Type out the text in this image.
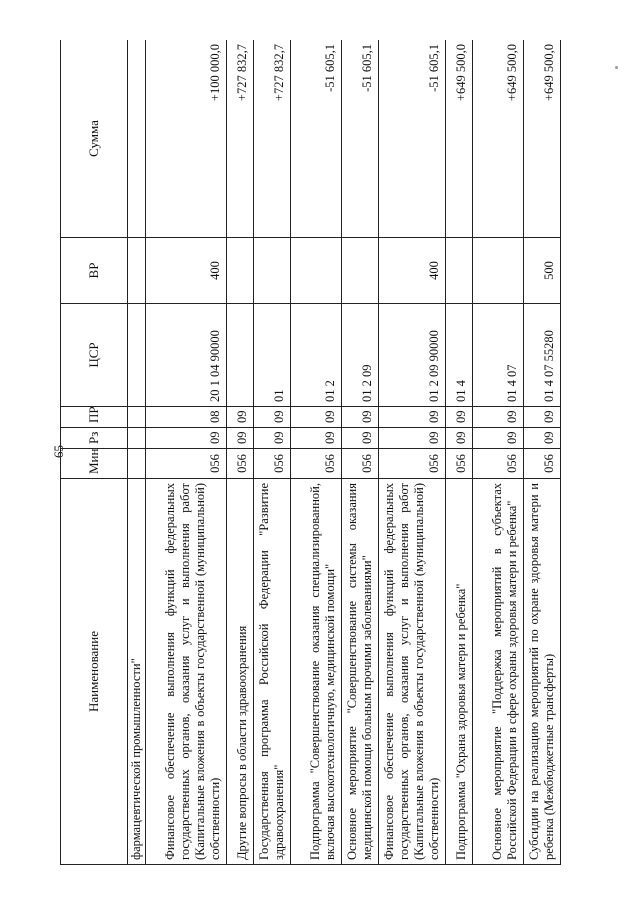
65
Наименование	Мин	Рз	ПР	ЦСР	ВР	Сумма
фармацевтической промышленности"						
Финансовое обеспечение выполнения функций федеральных государственных органов, оказания услуг и выполнения работ (Капитальные вложения в объекты государственной (муниципальной) собственности)	056	09	08	20 1 04 90000	400	+100 000,0
Другие вопросы в области здравоохранения	056	09	09			+727 832,7
Государственная программа Российской Федерации "Развитие здравоохранения"	056	09	09	01		+727 832,7
Подпрограмма "Совершенствование оказания специализированной, включая высокотехнологичную, медицинской помощи"	056	09	09	01 2		-51 605,1
Основное мероприятие "Совершенствование системы оказания медицинской помощи больным прочими заболеваниями"	056	09	09	01 2 09		-51 605,1
Финансовое обеспечение выполнения функций федеральных государственных органов, оказания услуг и выполнения работ (Капитальные вложения в объекты государственной (муниципальной) собственности)	056	09	09	01 2 09 90000	400	-51 605,1
Подпрограмма "Охрана здоровья матери и ребенка"	056	09	09	01 4		+649 500,0
Основное мероприятие "Поддержка мероприятий в субъектах Российской Федерации в сфере охраны здоровья матери и ребенка"	056	09	09	01 4 07		+649 500,0
Субсидии на реализацию мероприятий по охране здоровья матери и ребенка (Межбюджетные трансферты)	056	09	09	01 4 07 55280	500	+649 500,0
